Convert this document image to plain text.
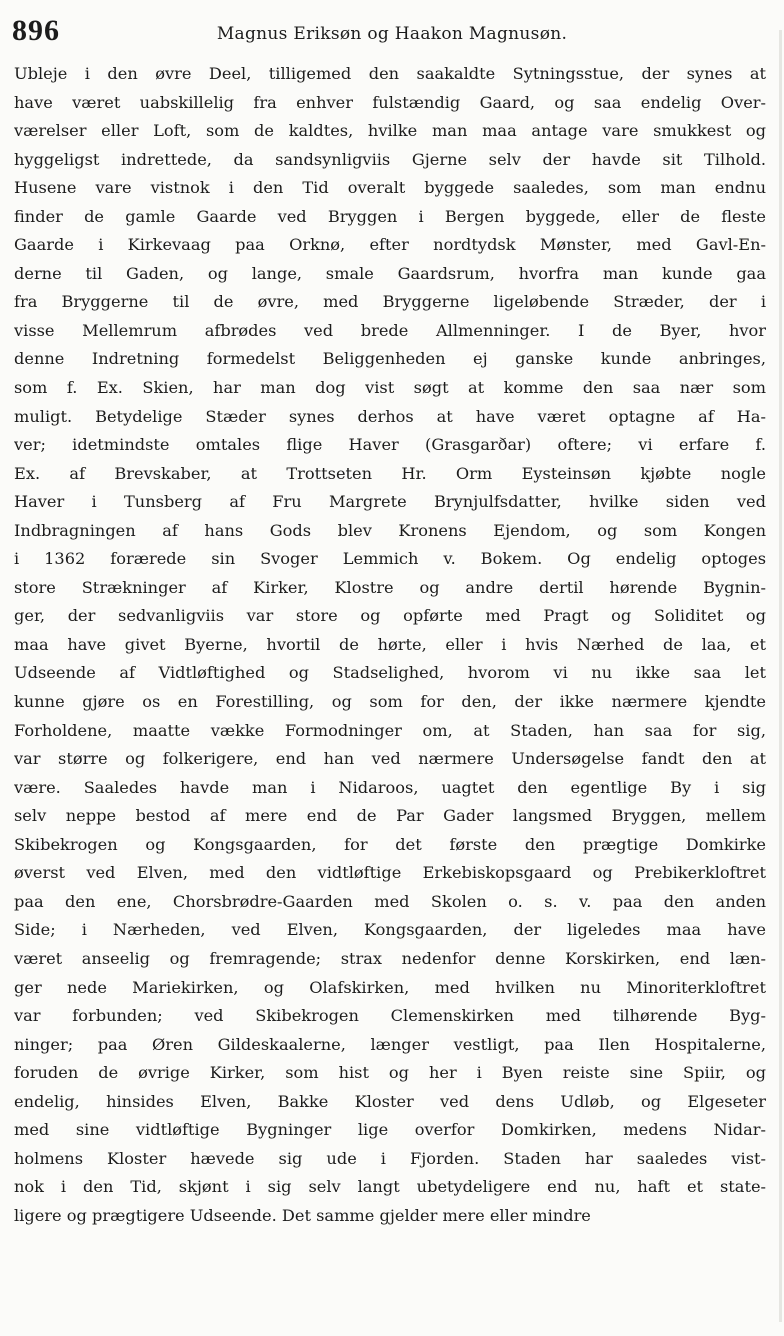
896	Magnus Eriksøn og Haakon Magnusøn.
Ubleje i den øvre Deel, tilligemed den saakaldte Sytningsstue, der synes at
have været uabskillelig fra enhver fulstændig Gaard, og saa endelig Over-
værelser eller Loft, som de kaldtes, hvilke man maa antage vare smukkest og
hyggeligst indrettede, da sandsynligviis Gjerne selv der havde sit Tilhold.
Husene vare vistnok i den Tid overalt byggede saaledes, som man endnu
finder de gamle Gaarde ved Bryggen i Bergen byggede, eller de fleste
Gaarde i Kirkevaag paa Orknø, efter nordtydsk Mønster, med Gavl-En-
derne til Gaden, og lange, smale Gaardsrum, hvorfra man kunde gaa
fra Bryggerne til de øvre, med Bryggerne ligeløbende Stræder, der i
visse Mellemrum afbrødes ved brede Allmenninger. I de Byer, hvor
denne Indretning formedelst Beliggenheden ej ganske kunde anbringes,
som f. Ex. Skien, har man dog vist søgt at komme den saa nær som
muligt. Betydelige Stæder synes derhos at have været optagne af Ha-
ver; idetmindste omtales flige Haver (Grasgarðar) oftere; vi erfare f.
Ex. af Brevskaber, at Trottseten Hr. Orm Eysteinsøn kjøbte nogle
Haver i Tunsberg af Fru Margrete Brynjulfsdatter, hvilke siden ved
Indbragningen af hans Gods blev Kronens Ejendom, og som Kongen
i 1362 forærede sin Svoger Lemmich v. Bokem. Og endelig optoges
store Strækninger af Kirker, Klostre og andre dertil hørende Bygnin-
ger, der sedvanligviis var store og opførte med Pragt og Soliditet og
maa have givet Byerne, hvortil de hørte, eller i hvis Nærhed de laa, et
Udseende af Vidtløftighed og Stadselighed, hvorom vi nu ikke saa let
kunne gjøre os en Forestilling, og som for den, der ikke nærmere kjendte
Forholdene, maatte vække Formodninger om, at Staden, han saa for sig,
var større og folkerigere, end han ved nærmere Undersøgelse fandt den at
være. Saaledes havde man i Nidaroos, uagtet den egentlige By i sig
selv neppe bestod af mere end de Par Gader langsmed Bryggen, mellem
Skibekrogen og Kongsgaarden, for det første den prægtige Domkirke
øverst ved Elven, med den vidtløftige Erkebiskopsgaard og Prebikerkloftret
paa den ene, Chorsbrødre-Gaarden med Skolen o. s. v. paa den anden
Side; i Nærheden, ved Elven, Kongsgaarden, der ligeledes maa have
været anseelig og fremragende; strax nedenfor denne Korskirken, end læn-
ger nede Mariekirken, og Olafskirken, med hvilken nu Minoriterkloftret
var forbunden; ved Skibekrogen Clemenskirken med tilhørende Byg-
ninger; paa Øren Gildeskaalerne, længer vestligt, paa Ilen Hospitalerne,
foruden de øvrige Kirker, som hist og her i Byen reiste sine Spiir, og
endelig, hinsides Elven, Bakke Kloster ved dens Udløb, og Elgeseter
med sine vidtløftige Bygninger lige overfor Domkirken, medens Nidar-
holmens Kloster hævede sig ude i Fjorden. Staden har saaledes vist-
nok i den Tid, skjønt i sig selv langt ubetydeligere end nu, haft et state-
ligere og prægtigere Udseende. Det samme gjelder mere eller mindre
